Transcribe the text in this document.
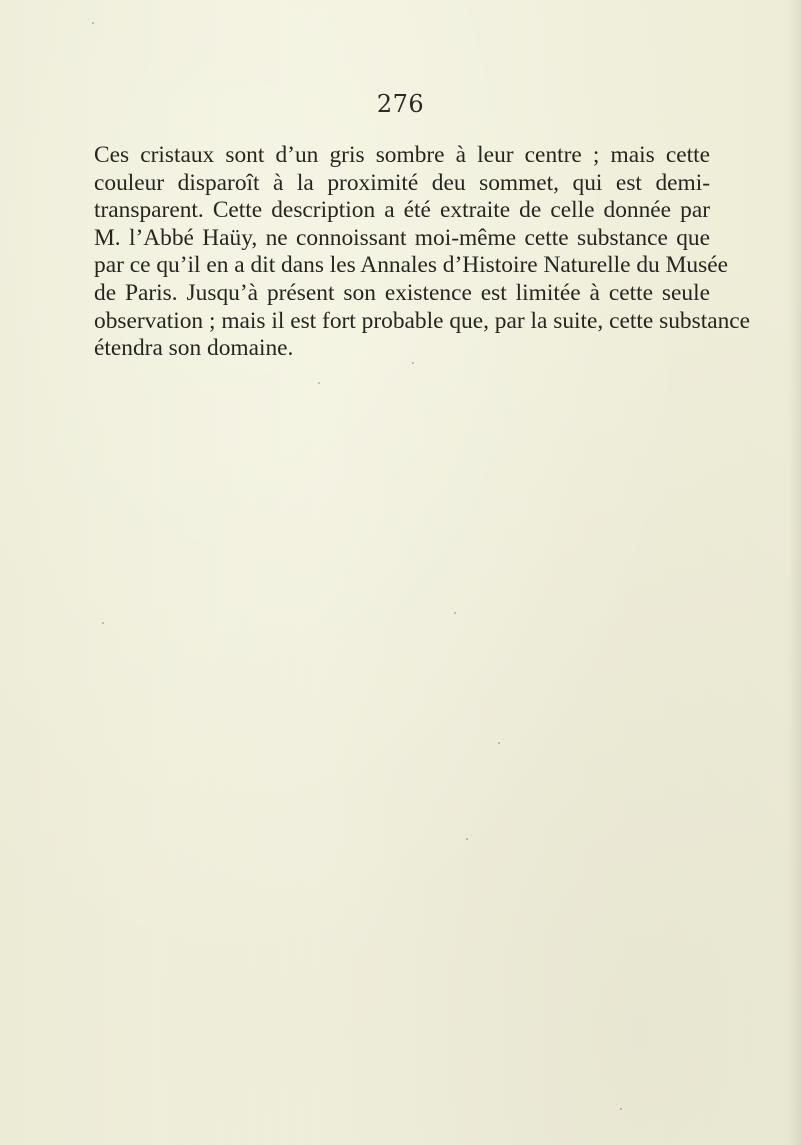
276
Ces cristaux sont d’un gris sombre à leur centre ; mais cette
couleur disparoît à la proximité deu sommet, qui est demi-
transparent. Cette description a été extraite de celle donnée par
M. l’Abbé Haüy, ne connoissant moi-même cette substance que
par ce qu’il en a dit dans les Annales d’Histoire Naturelle du Musée
de Paris. Jusqu’à présent son existence est limitée à cette seule
observation ; mais il est fort probable que, par la suite, cette substance
étendra son domaine.
